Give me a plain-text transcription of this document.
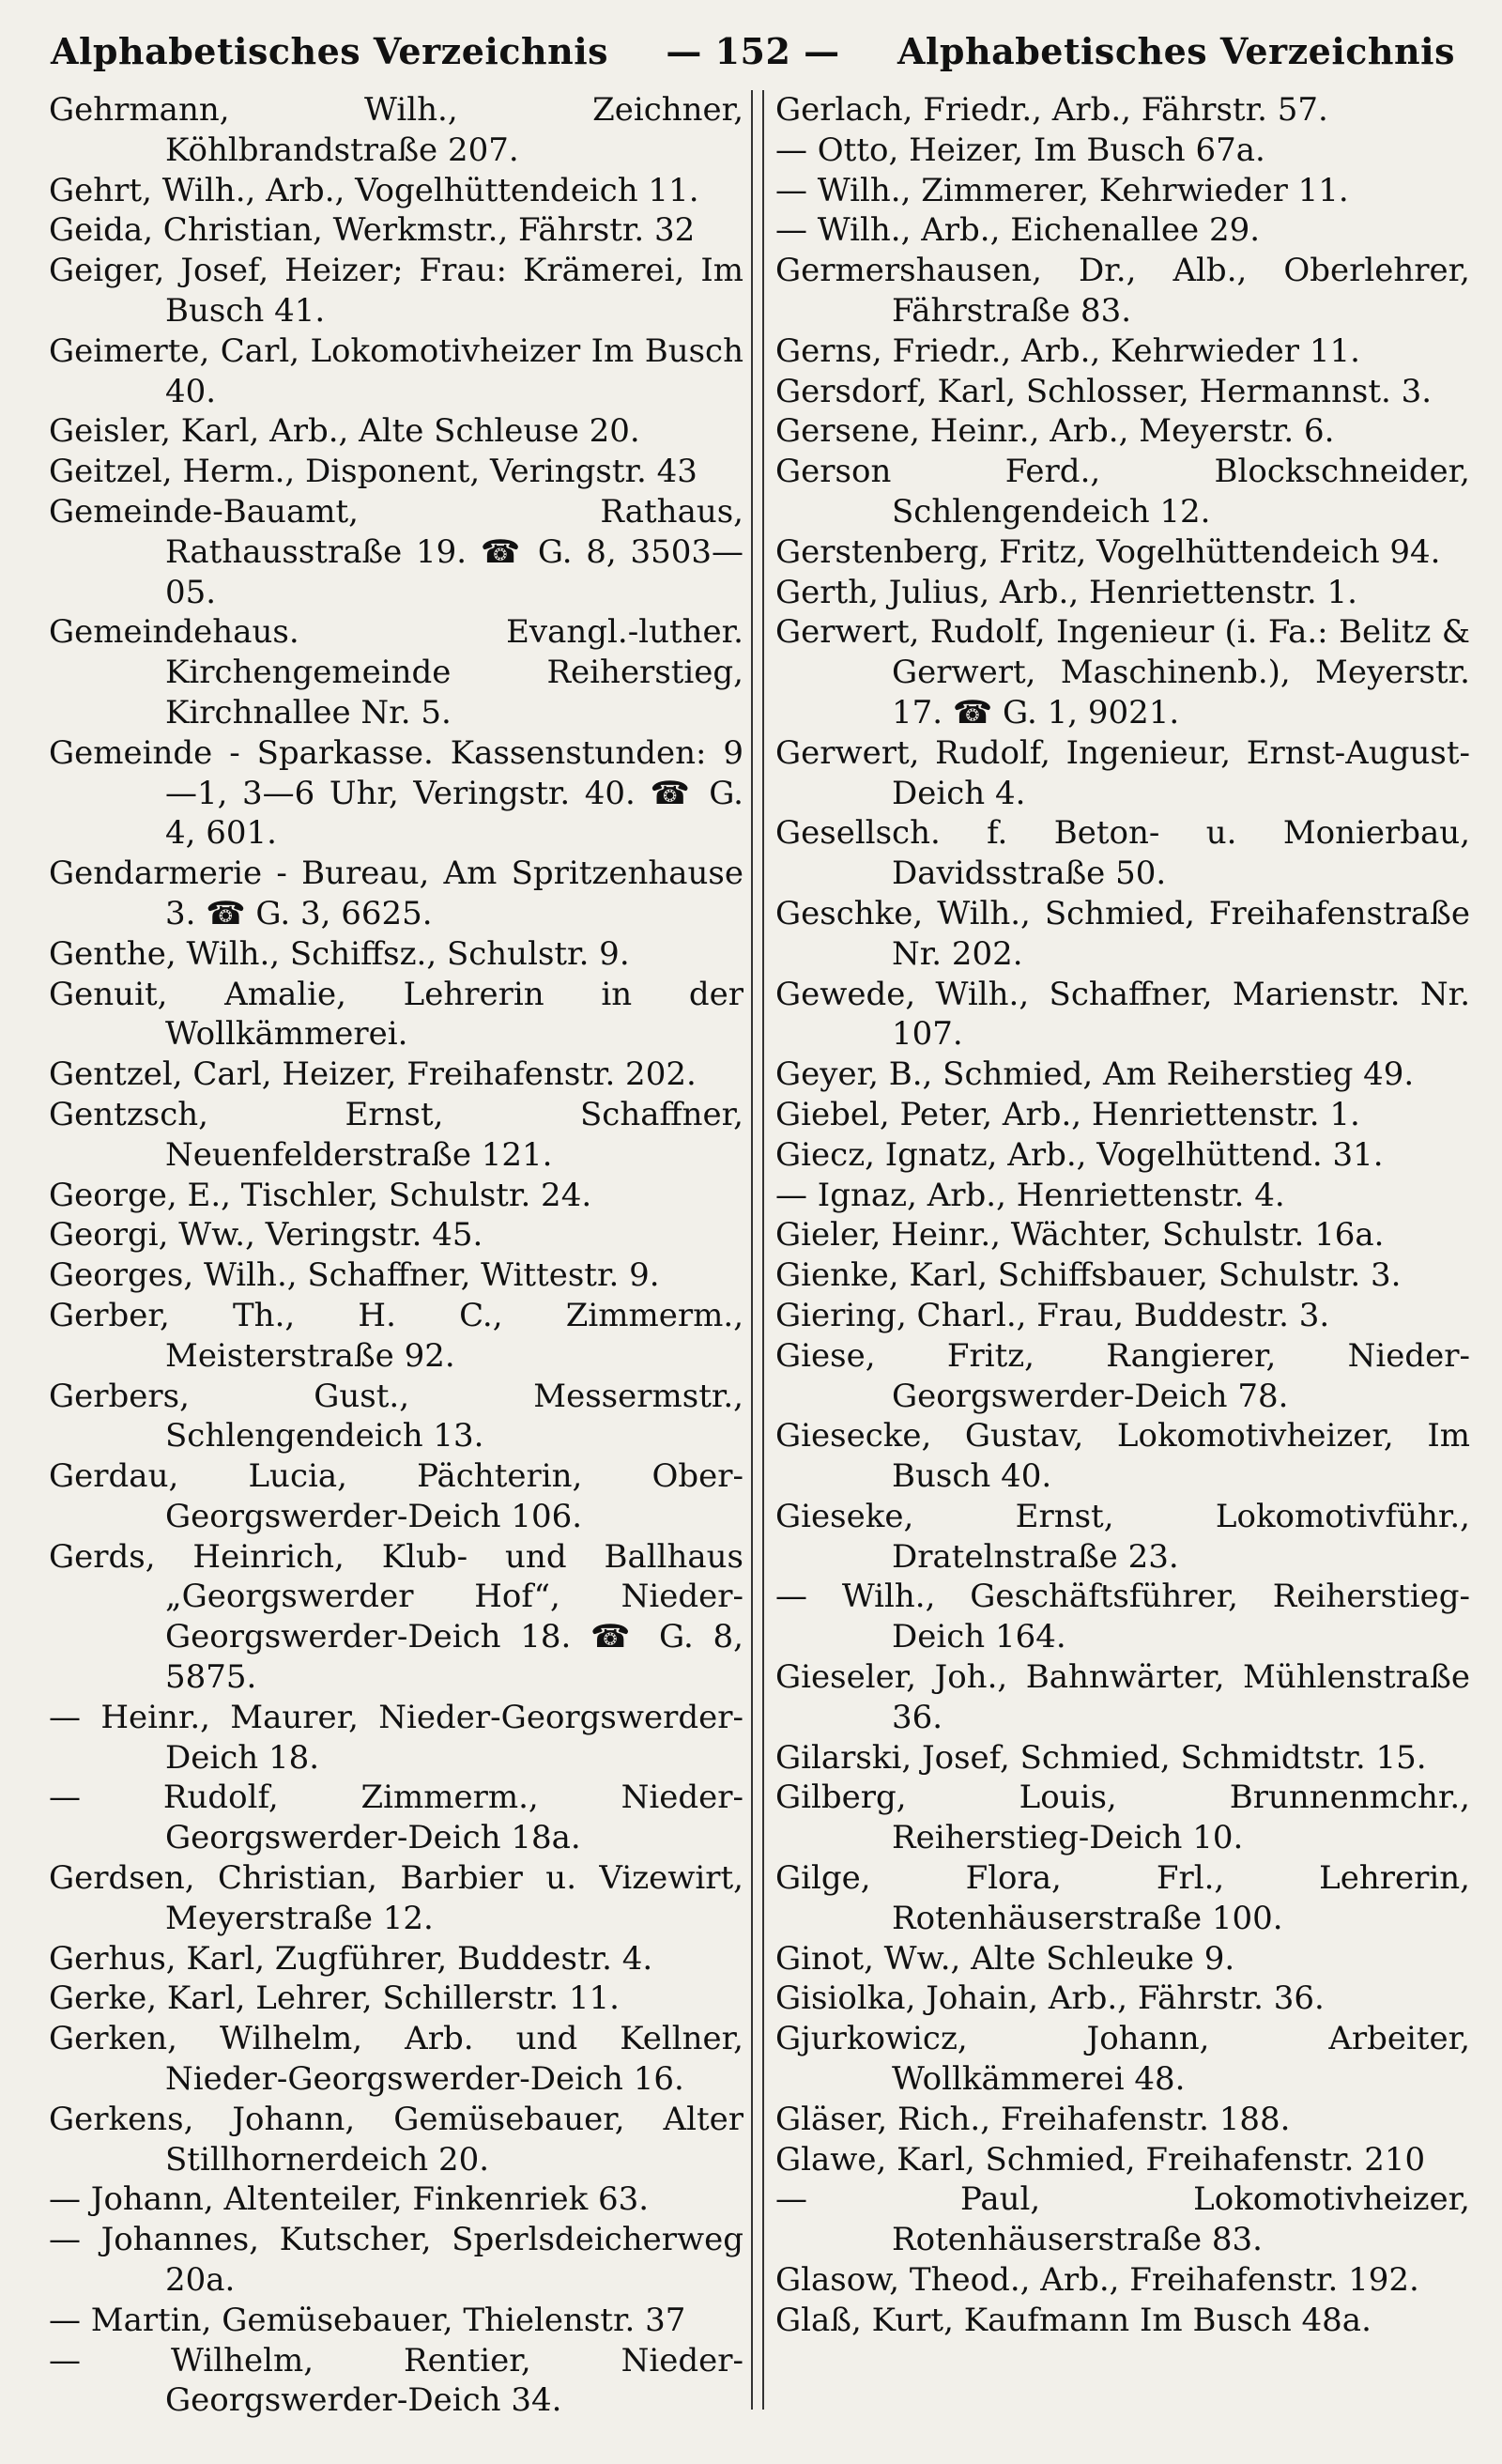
Alphabetisches Verzeichnis — 152 — Alphabetisches Verzeichnis
Gehrmann, Wilh., Zeichner, Köhlbrandstraße 207.
Gehrt, Wilh., Arb., Vogelhüttendeich 11.
Geida, Christian, Werkmstr., Fährstr. 32
Geiger, Josef, Heizer; Frau: Krämerei, Im Busch 41.
Geimerte, Carl, Lokomotivheizer Im Busch 40.
Geisler, Karl, Arb., Alte Schleuse 20.
Geitzel, Herm., Disponent, Veringstr. 43
Gemeinde-Bauamt, Rathaus, Rathausstraße 19. ☎ G. 8, 3503—05.
Gemeindehaus. Evangl.-luther. Kirchengemeinde Reiherstieg, Kirchnallee Nr. 5.
Gemeinde - Sparkasse. Kassenstunden: 9—1, 3—6 Uhr, Veringstr. 40. ☎ G. 4, 601.
Gendarmerie - Bureau, Am Spritzenhause 3. ☎ G. 3, 6625.
Genthe, Wilh., Schiffsz., Schulstr. 9.
Genuit, Amalie, Lehrerin in der Wollkämmerei.
Gentzel, Carl, Heizer, Freihafenstr. 202.
Gentzsch, Ernst, Schaffner, Neuenfelderstraße 121.
George, E., Tischler, Schulstr. 24.
Georgi, Ww., Veringstr. 45.
Georges, Wilh., Schaffner, Wittestr. 9.
Gerber, Th., H. C., Zimmerm., Meisterstraße 92.
Gerbers, Gust., Messermstr., Schlengendeich 13.
Gerdau, Lucia, Pächterin, Ober-Georgswerder-Deich 106.
Gerds, Heinrich, Klub- und Ballhaus „Georgswerder Hof“, Nieder-Georgswerder-Deich 18. ☎ G. 8, 5875.
— Heinr., Maurer, Nieder-Georgswerder-Deich 18.
— Rudolf, Zimmerm., Nieder-Georgswerder-Deich 18a.
Gerdsen, Christian, Barbier u. Vizewirt, Meyerstraße 12.
Gerhus, Karl, Zugführer, Buddestr. 4.
Gerke, Karl, Lehrer, Schillerstr. 11.
Gerken, Wilhelm, Arb. und Kellner, Nieder-Georgswerder-Deich 16.
Gerkens, Johann, Gemüsebauer, Alter Stillhornerdeich 20.
— Johann, Altenteiler, Finkenriek 63.
— Johannes, Kutscher, Sperlsdeicherweg 20a.
— Martin, Gemüsebauer, Thielenstr. 37
— Wilhelm, Rentier, Nieder-Georgswerder-Deich 34.
Gerlach, Friedr., Arb., Fährstr. 57.
— Otto, Heizer, Im Busch 67a.
— Wilh., Zimmerer, Kehrwieder 11.
— Wilh., Arb., Eichenallee 29.
Germershausen, Dr., Alb., Oberlehrer, Fährstraße 83.
Gerns, Friedr., Arb., Kehrwieder 11.
Gersdorf, Karl, Schlosser, Hermannst. 3.
Gersene, Heinr., Arb., Meyerstr. 6.
Gerson Ferd., Blockschneider, Schlengendeich 12.
Gerstenberg, Fritz, Vogelhüttendeich 94.
Gerth, Julius, Arb., Henriettenstr. 1.
Gerwert, Rudolf, Ingenieur (i. Fa.: Belitz & Gerwert, Maschinenb.), Meyerstr. 17. ☎ G. 1, 9021.
Gerwert, Rudolf, Ingenieur, Ernst-August-Deich 4.
Gesellsch. f. Beton- u. Monierbau, Davidsstraße 50.
Geschke, Wilh., Schmied, Freihafenstraße Nr. 202.
Gewede, Wilh., Schaffner, Marienstr. Nr. 107.
Geyer, B., Schmied, Am Reiherstieg 49.
Giebel, Peter, Arb., Henriettenstr. 1.
Giecz, Ignatz, Arb., Vogelhüttend. 31.
— Ignaz, Arb., Henriettenstr. 4.
Gieler, Heinr., Wächter, Schulstr. 16a.
Gienke, Karl, Schiffsbauer, Schulstr. 3.
Giering, Charl., Frau, Buddestr. 3.
Giese, Fritz, Rangierer, Nieder-Georgswerder-Deich 78.
Giesecke, Gustav, Lokomotivheizer, Im Busch 40.
Gieseke, Ernst, Lokomotivführ., Dratelnstraße 23.
— Wilh., Geschäftsführer, Reiherstieg-Deich 164.
Gieseler, Joh., Bahnwärter, Mühlenstraße 36.
Gilarski, Josef, Schmied, Schmidtstr. 15.
Gilberg, Louis, Brunnenmchr., Reiherstieg-Deich 10.
Gilge, Flora, Frl., Lehrerin, Rotenhäuserstraße 100.
Ginot, Ww., Alte Schleuke 9.
Gisiolka, Johain, Arb., Fährstr. 36.
Gjurkowicz, Johann, Arbeiter, Wollkämmerei 48.
Gläser, Rich., Freihafenstr. 188.
Glawe, Karl, Schmied, Freihafenstr. 210
— Paul, Lokomotivheizer, Rotenhäuserstraße 83.
Glasow, Theod., Arb., Freihafenstr. 192.
Glaß, Kurt, Kaufmann Im Busch 48a.
